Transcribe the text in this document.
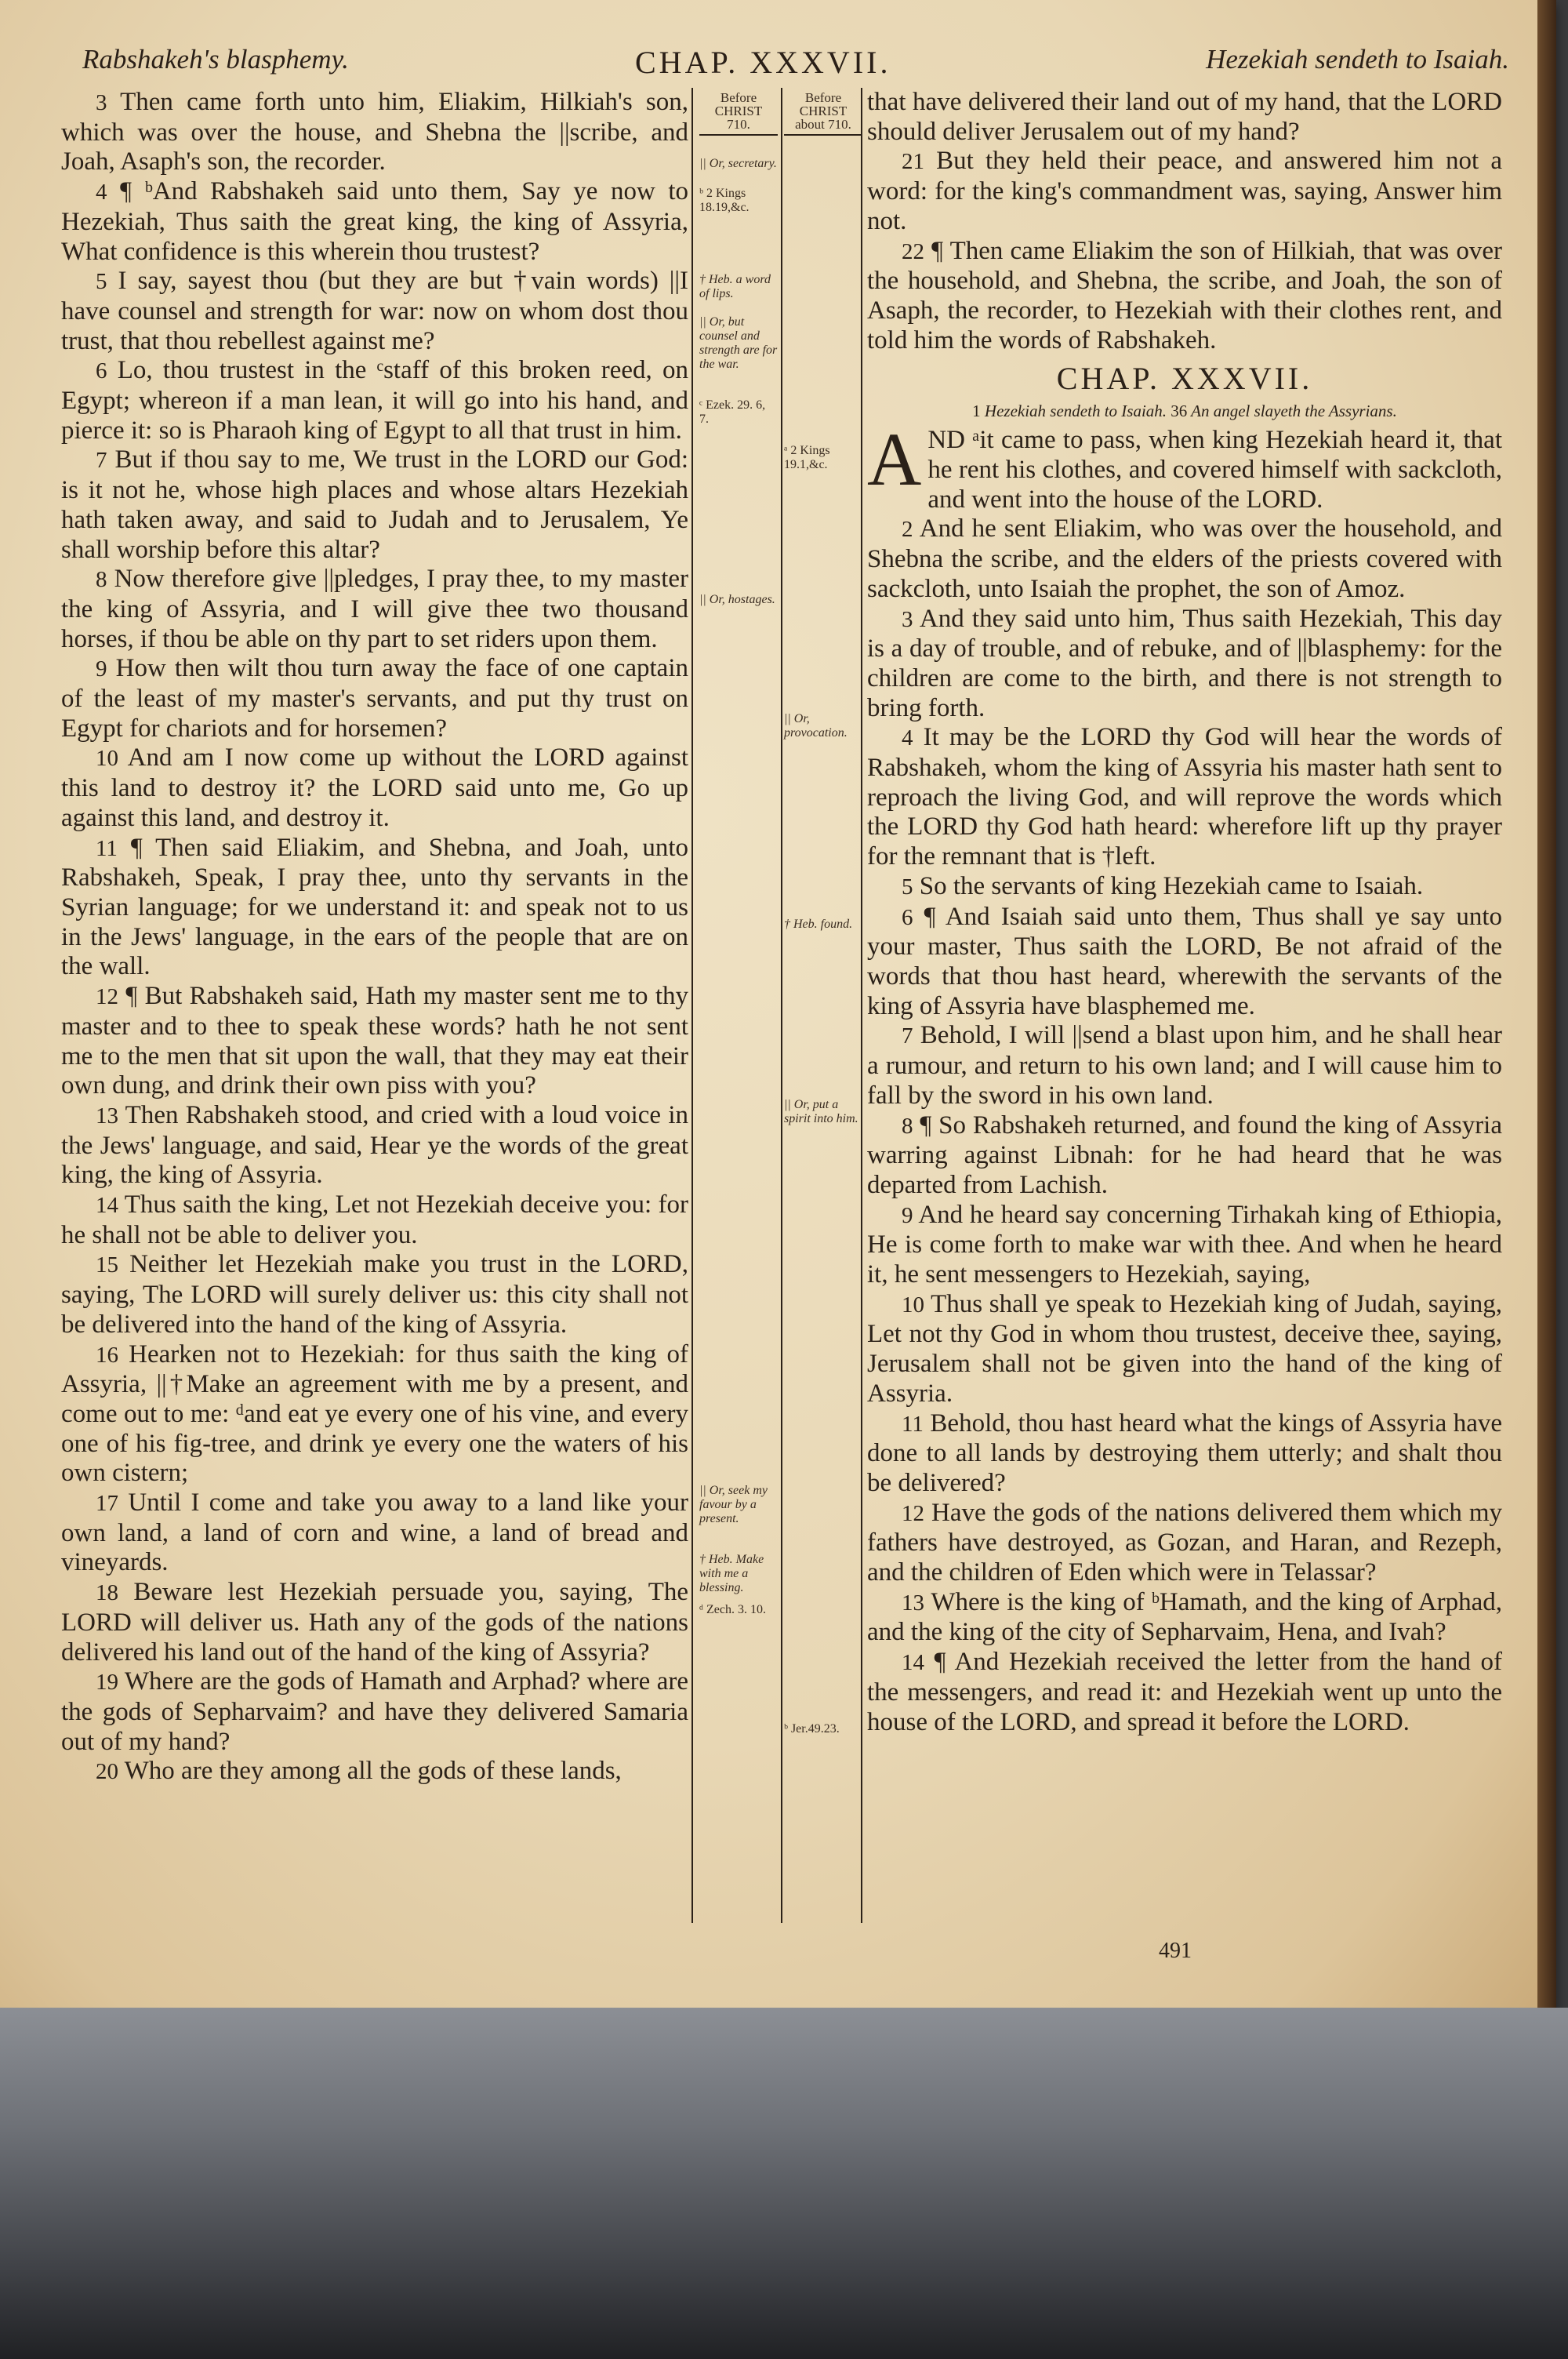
Rabshakeh's blasphemy.	CHAP. XXXVII.	Hezekiah sendeth to Isaiah.

3 Then came forth unto him, Eliakim, Hilkiah's son, which was over the house, and Shebna the ||scribe, and Joah, Asaph's son, the recorder.

4 ¶ ᵇAnd Rabshakeh said unto them, Say ye now to Hezekiah, Thus saith the great king, the king of Assyria, What confidence is this wherein thou trustest?

5 I say, sayest thou (but they are but †vain words) ||I have counsel and strength for war: now on whom dost thou trust, that thou rebellest against me?

6 Lo, thou trustest in the ᶜstaff of this broken reed, on Egypt; whereon if a man lean, it will go into his hand, and pierce it: so is Pharaoh king of Egypt to all that trust in him.

7 But if thou say to me, We trust in the LORD our God: is it not he, whose high places and whose altars Hezekiah hath taken away, and said to Judah and to Jerusalem, Ye shall worship before this altar?

8 Now therefore give ||pledges, I pray thee, to my master the king of Assyria, and I will give thee two thousand horses, if thou be able on thy part to set riders upon them.

9 How then wilt thou turn away the face of one captain of the least of my master's servants, and put thy trust on Egypt for chariots and for horsemen?

10 And am I now come up without the LORD against this land to destroy it? the LORD said unto me, Go up against this land, and destroy it.

11 ¶ Then said Eliakim, and Shebna, and Joah, unto Rabshakeh, Speak, I pray thee, unto thy servants in the Syrian language; for we understand it: and speak not to us in the Jews' language, in the ears of the people that are on the wall.

12 ¶ But Rabshakeh said, Hath my master sent me to thy master and to thee to speak these words? hath he not sent me to the men that sit upon the wall, that they may eat their own dung, and drink their own piss with you?

13 Then Rabshakeh stood, and cried with a loud voice in the Jews' language, and said, Hear ye the words of the great king, the king of Assyria.

14 Thus saith the king, Let not Hezekiah deceive you: for he shall not be able to deliver you.

15 Neither let Hezekiah make you trust in the LORD, saying, The LORD will surely deliver us: this city shall not be delivered into the hand of the king of Assyria.

16 Hearken not to Hezekiah: for thus saith the king of Assyria, ||†Make an agreement with me by a present, and come out to me: ᵈand eat ye every one of his vine, and every one of his fig-tree, and drink ye every one the waters of his own cistern;

17 Until I come and take you away to a land like your own land, a land of corn and wine, a land of bread and vineyards.

18 Beware lest Hezekiah persuade you, saying, The LORD will deliver us. Hath any of the gods of the nations delivered his land out of the hand of the king of Assyria?

19 Where are the gods of Hamath and Arphad? where are the gods of Sepharvaim? and have they delivered Samaria out of my hand?

20 Who are they among all the gods of these lands,

Before
CHRIST
710.
|| Or, secretary.
ᵇ 2 Kings 18.19,&c.
† Heb. a word of lips.
|| Or, but counsel and strength are for the war.
ᶜ Ezek. 29. 6, 7.
|| Or, hostages.
|| Or, seek my favour by a present.
† Heb. Make with me a blessing.
ᵈ Zech. 3. 10.
Before
CHRIST
about 710.
ᵃ 2 Kings 19.1,&c.
|| Or, provocation.
† Heb. found.
|| Or, put a spirit into him.
ᵇ Jer.49.23.

that have delivered their land out of my hand, that the LORD should deliver Jerusalem out of my hand?

21 But they held their peace, and answered him not a word: for the king's commandment was, saying, Answer him not.

22 ¶ Then came Eliakim the son of Hilkiah, that was over the household, and Shebna, the scribe, and Joah, the son of Asaph, the recorder, to Hezekiah with their clothes rent, and told him the words of Rabshakeh.

CHAP. XXXVII.
1 Hezekiah sendeth to Isaiah. 36 An angel slayeth the Assyrians.

AND ᵃit came to pass, when king Hezekiah heard it, that he rent his clothes, and covered himself with sackcloth, and went into the house of the LORD.

2 And he sent Eliakim, who was over the household, and Shebna the scribe, and the elders of the priests covered with sackcloth, unto Isaiah the prophet, the son of Amoz.

3 And they said unto him, Thus saith Hezekiah, This day is a day of trouble, and of rebuke, and of ||blasphemy: for the children are come to the birth, and there is not strength to bring forth.

4 It may be the LORD thy God will hear the words of Rabshakeh, whom the king of Assyria his master hath sent to reproach the living God, and will reprove the words which the LORD thy God hath heard: wherefore lift up thy prayer for the remnant that is †left.

5 So the servants of king Hezekiah came to Isaiah.

6 ¶ And Isaiah said unto them, Thus shall ye say unto your master, Thus saith the LORD, Be not afraid of the words that thou hast heard, wherewith the servants of the king of Assyria have blasphemed me.

7 Behold, I will ||send a blast upon him, and he shall hear a rumour, and return to his own land; and I will cause him to fall by the sword in his own land.

8 ¶ So Rabshakeh returned, and found the king of Assyria warring against Libnah: for he had heard that he was departed from Lachish.

9 And he heard say concerning Tirhakah king of Ethiopia, He is come forth to make war with thee. And when he heard it, he sent messengers to Hezekiah, saying,

10 Thus shall ye speak to Hezekiah king of Judah, saying, Let not thy God in whom thou trustest, deceive thee, saying, Jerusalem shall not be given into the hand of the king of Assyria.

11 Behold, thou hast heard what the kings of Assyria have done to all lands by destroying them utterly; and shalt thou be delivered?

12 Have the gods of the nations delivered them which my fathers have destroyed, as Gozan, and Haran, and Rezeph, and the children of Eden which were in Telassar?

13 Where is the king of ᵇHamath, and the king of Arphad, and the king of the city of Sepharvaim, Hena, and Ivah?

14 ¶ And Hezekiah received the letter from the hand of the messengers, and read it: and Hezekiah went up unto the house of the LORD, and spread it before the LORD.

491
